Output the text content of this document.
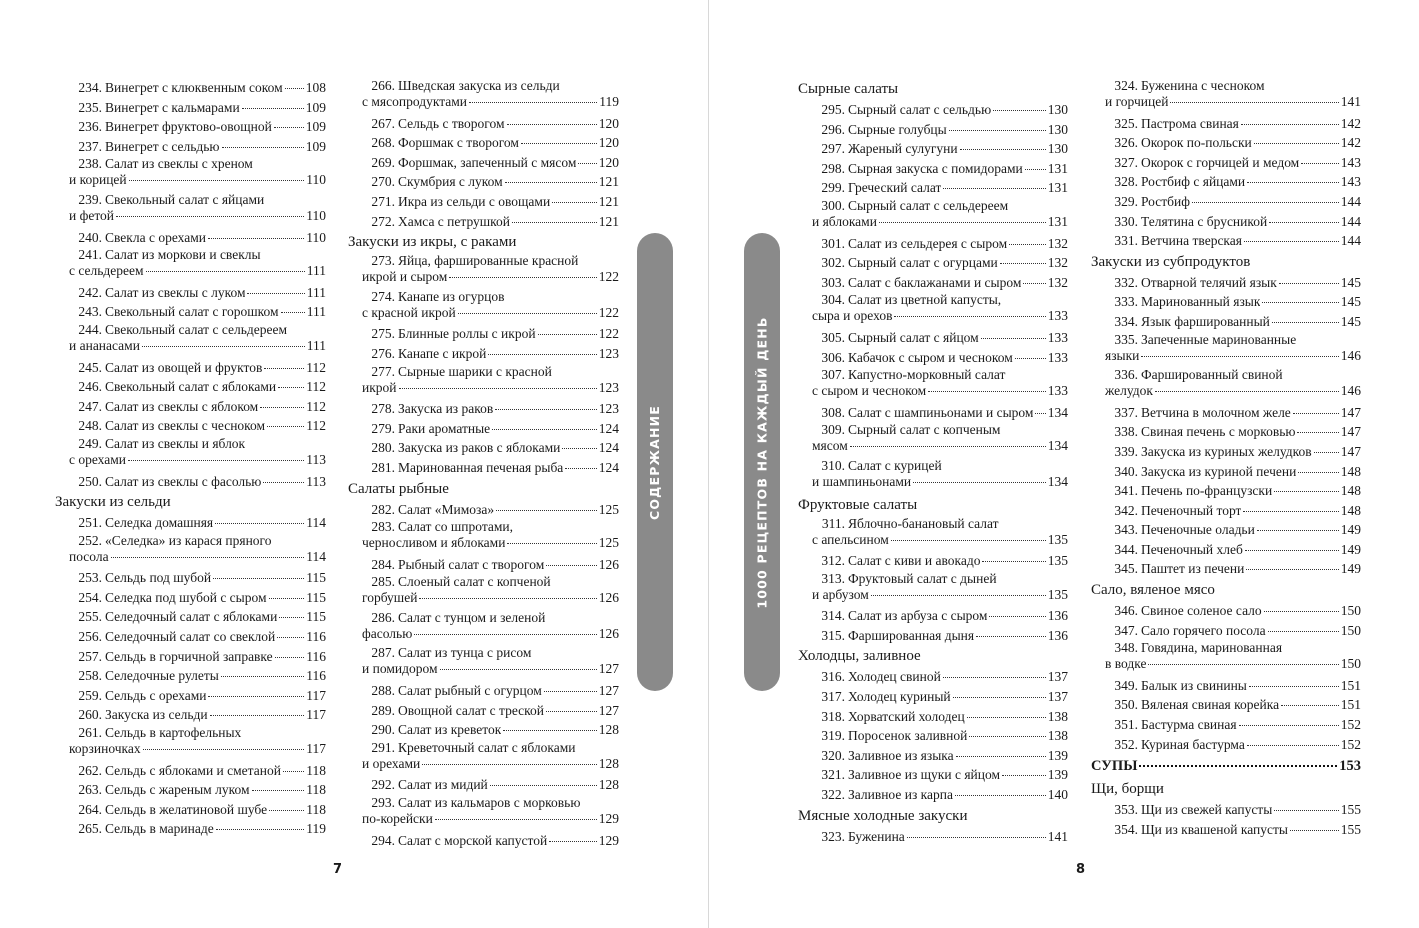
234. Винегрет с клюквенным соком 108
235. Винегрет с кальмарами	109
236. Винегрет фруктово-овощной	109
237. Винегрет с сельдью	109
238. Салат из свеклы с хреном
и корицей	110
239. Свекольный салат с яйцами
и фетой	110
240. Свекла с орехами	110
241. Салат из моркови и свеклы
с сельдереем	111
242. Салат из свеклы с луком	111
243. Свекольный салат с горошком 111
244. Свекольный салат с сельдереем
и ананасами	111
245. Салат из овощей и фруктов	112
246. Свекольный салат с яблоками 112
247. Салат из свеклы с яблоком	112
248. Салат из свеклы с чесноком	112
249. Салат из свеклы и яблок
с орехами	113
250. Салат из свеклы с фасолью	113
Закуски из сельди
251. Селедка домашняя	114
252. «Селедка» из карася пряного
посола	114
253. Сельдь под шубой	115
254. Селедка под шубой с сыром	115
255. Селедочный салат с яблоками 115
256. Селедочный салат со свеклой 116
257. Сельдь в горчичной заправке 116
258. Селедочные рулеты	116
259. Сельдь с орехами	117
260. Закуска из сельди	117
261. Сельдь в картофельных
корзиночках	117
262. Сельдь с яблоками и сметаной 118
263. Сельдь с жареным луком	118
264. Сельдь в желатиновой шубе	118
265. Сельдь в маринаде	119
266. Шведская закуска из сельди
с мясопродуктами	119
267. Сельдь с творогом	120
268. Форшмак с творогом	120
269. Форшмак, запеченный с мясом 120
270. Скумбрия с луком	121
271. Икра из сельди с овощами	121
272. Хамса с петрушкой	121
Закуски из икры, с раками
273. Яйца, фаршированные красной
икрой и сыром	122
274. Канапе из огурцов
с красной икрой	122
275. Блинные роллы с икрой	122
276. Канапе с икрой	123
277. Сырные шарики с красной
икрой	123
278. Закуска из раков	123
279. Раки ароматные	124
280. Закуска из раков с яблоками	124
281. Маринованная печеная рыба	124
Салаты рыбные
282. Салат «Мимоза»	125
283. Салат со шпротами,
черносливом и яблоками	125
284. Рыбный салат с творогом	126
285. Слоеный салат с копченой
горбушей	126
286. Салат с тунцом и зеленой
фасолью	126
287. Салат из тунца с рисом
и помидором	127
288. Салат рыбный с огурцом	127
289. Овощной салат с треской	127
290. Салат из креветок	128
291. Креветочный салат с яблоками
и орехами	128
292. Салат из мидий	128
293. Салат из кальмаров с морковью
по-корейски	129
294. Салат с морской капустой	129
СОДЕРЖАНИЕ
7
1000 РЕЦЕПТОВ НА КАЖДЫЙ ДЕНЬ
Сырные салаты
295. Сырный салат с сельдью	130
296. Сырные голубцы	130
297. Жареный сулугуни	130
298. Сырная закуска с помидорами 131
299. Греческий салат	131
300. Сырный салат с сельдереем
и яблоками	131
301. Салат из сельдерея с сыром	132
302. Сырный салат с огурцами	132
303. Салат с баклажанами и сыром 132
304. Салат из цветной капусты,
сыра и орехов	133
305. Сырный салат с яйцом	133
306. Кабачок с сыром и чесноком	133
307. Капустно-морковный салат
с сыром и чесноком	133
308. Салат с шампиньонами и сыром 134
309. Сырный салат с копченым
мясом	134
310. Салат с курицей
и шампиньонами	134
Фруктовые салаты
311. Яблочно-банановый салат
с апельсином	135
312. Салат с киви и авокадо	135
313. Фруктовый салат с дыней
и арбузом	135
314. Салат из арбуза с сыром	136
315. Фаршированная дыня	136
Холодцы, заливное
316. Холодец свиной	137
317. Холодец куриный	137
318. Хорватский холодец	138
319. Поросенок заливной	138
320. Заливное из языка	139
321. Заливное из щуки с яйцом	139
322. Заливное из карпа	140
Мясные холодные закуски
323. Буженина	141
324. Буженина с чесноком
и горчицей	141
325. Пастрома свиная	142
326. Окорок по-польски	142
327. Окорок с горчицей и медом	143
328. Ростбиф с яйцами	143
329. Ростбиф	144
330. Телятина с брусникой	144
331. Ветчина тверская	144
Закуски из субпродуктов
332. Отварной телячий язык	145
333. Маринованный язык	145
334. Язык фаршированный	145
335. Запеченные маринованные
языки	146
336. Фаршированный свиной
желудок	146
337. Ветчина в молочном желе	147
338. Свиная печень с морковью	147
339. Закуска из куриных желудков 147
340. Закуска из куриной печени	148
341. Печень по-французски	148
342. Печеночный торт	148
343. Печеночные оладьи	149
344. Печеночный хлеб	149
345. Паштет из печени	149
Сало, вяленое мясо
346. Свиное соленое сало	150
347. Сало горячего посола	150
348. Говядина, маринованная
в водке	150
349. Балык из свинины	151
350. Вяленая свиная корейка	151
351. Бастурма свиная	152
352. Куриная бастурма	152
СУПЫ	153
Щи, борщи
353. Щи из свежей капусты	155
354. Щи из квашеной капусты	155
8
